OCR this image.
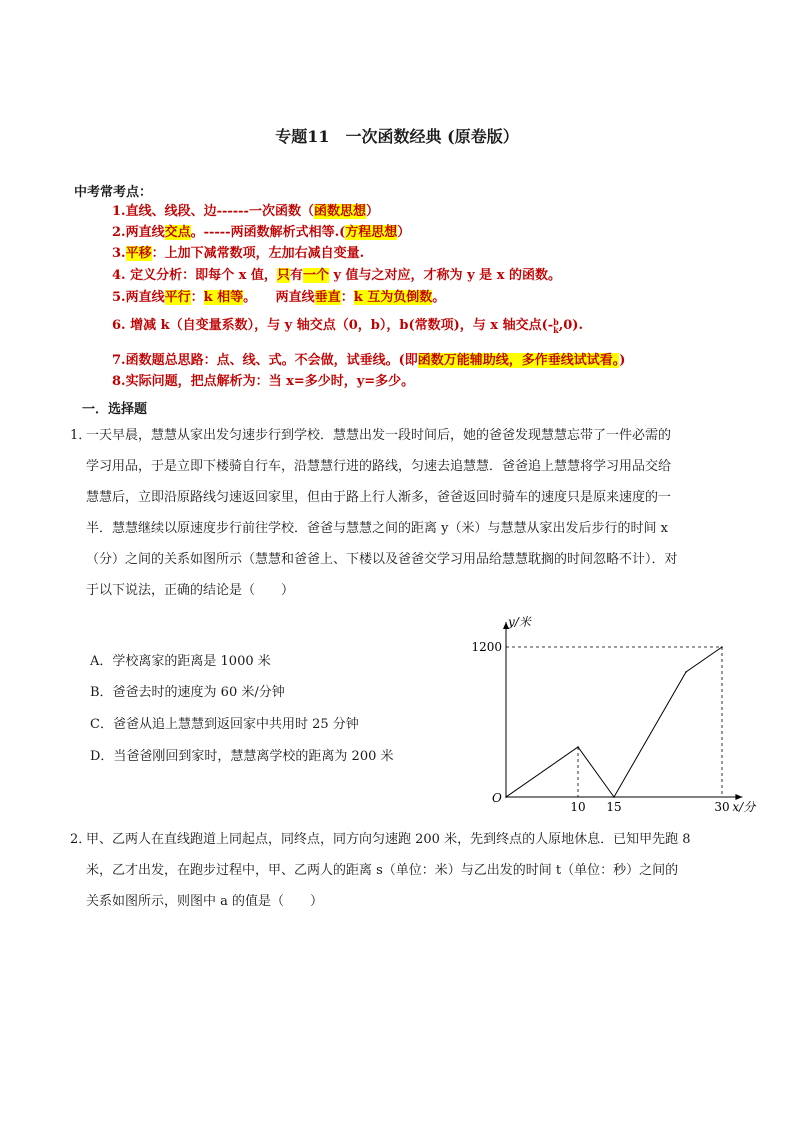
专题11　一次函数经典 (原卷版）
中考常考点：
1.直线、线段、边------一次函数（函数思想）
2.两直线交点。-----两函数解析式相等.(方程思想）
3.平移：上加下减常数项，左加右减自变量.
4. 定义分析：即每个 x 值，只有一个 y 值与之对应，才称为 y 是 x 的函数。
5.两直线平行：k 相等。　　两直线垂直：k 互为负倒数。
6. 增减 k（自变量系数），与 y 轴交点（0，b），b(常数项)，与 x 轴交点(-b
k,0).
7.函数题总思路：点、线、式。不会做，试垂线。(即函数万能辅助线，多作垂线试试看。)
8.实际问题，把点解析为：当 x=多少时，y=多少。
一．选择题
1．
一天早晨，慧慧从家出发匀速步行到学校．慧慧出发一段时间后，她的爸爸发现慧慧忘带了一件必需的
学习用品，于是立即下楼骑自行车，沿慧慧行进的路线，匀速去追慧慧．爸爸追上慧慧将学习用品交给
慧慧后，立即沿原路线匀速返回家里，但由于路上行人渐多，爸爸返回时骑车的速度只是原来速度的一
半．慧慧继续以原速度步行前往学校．爸爸与慧慧之间的距离 y（米）与慧慧从家出发后步行的时间 x
（分）之间的关系如图所示（慧慧和爸爸上、下楼以及爸爸交学习用品给慧慧耽搁的时间忽略不计）．对
于以下说法，正确的结论是（　　）
A．学校离家的距离是 1000 米
B．爸爸去时的速度为 60 米/分钟
C．爸爸从追上慧慧到返回家中共用时 25 分钟
D．当爸爸刚回到家时，慧慧离学校的距离为 200 米
y/米
x/分
O
1200
10 15	30
2．
甲、乙两人在直线跑道上同起点，同终点，同方向匀速跑 200 米，先到终点的人原地休息．已知甲先跑 8
米，乙才出发，在跑步过程中，甲、乙两人的距离 s（单位：米）与乙出发的时间 t（单位：秒）之间的
关系如图所示，则图中 a 的值是（　　）
